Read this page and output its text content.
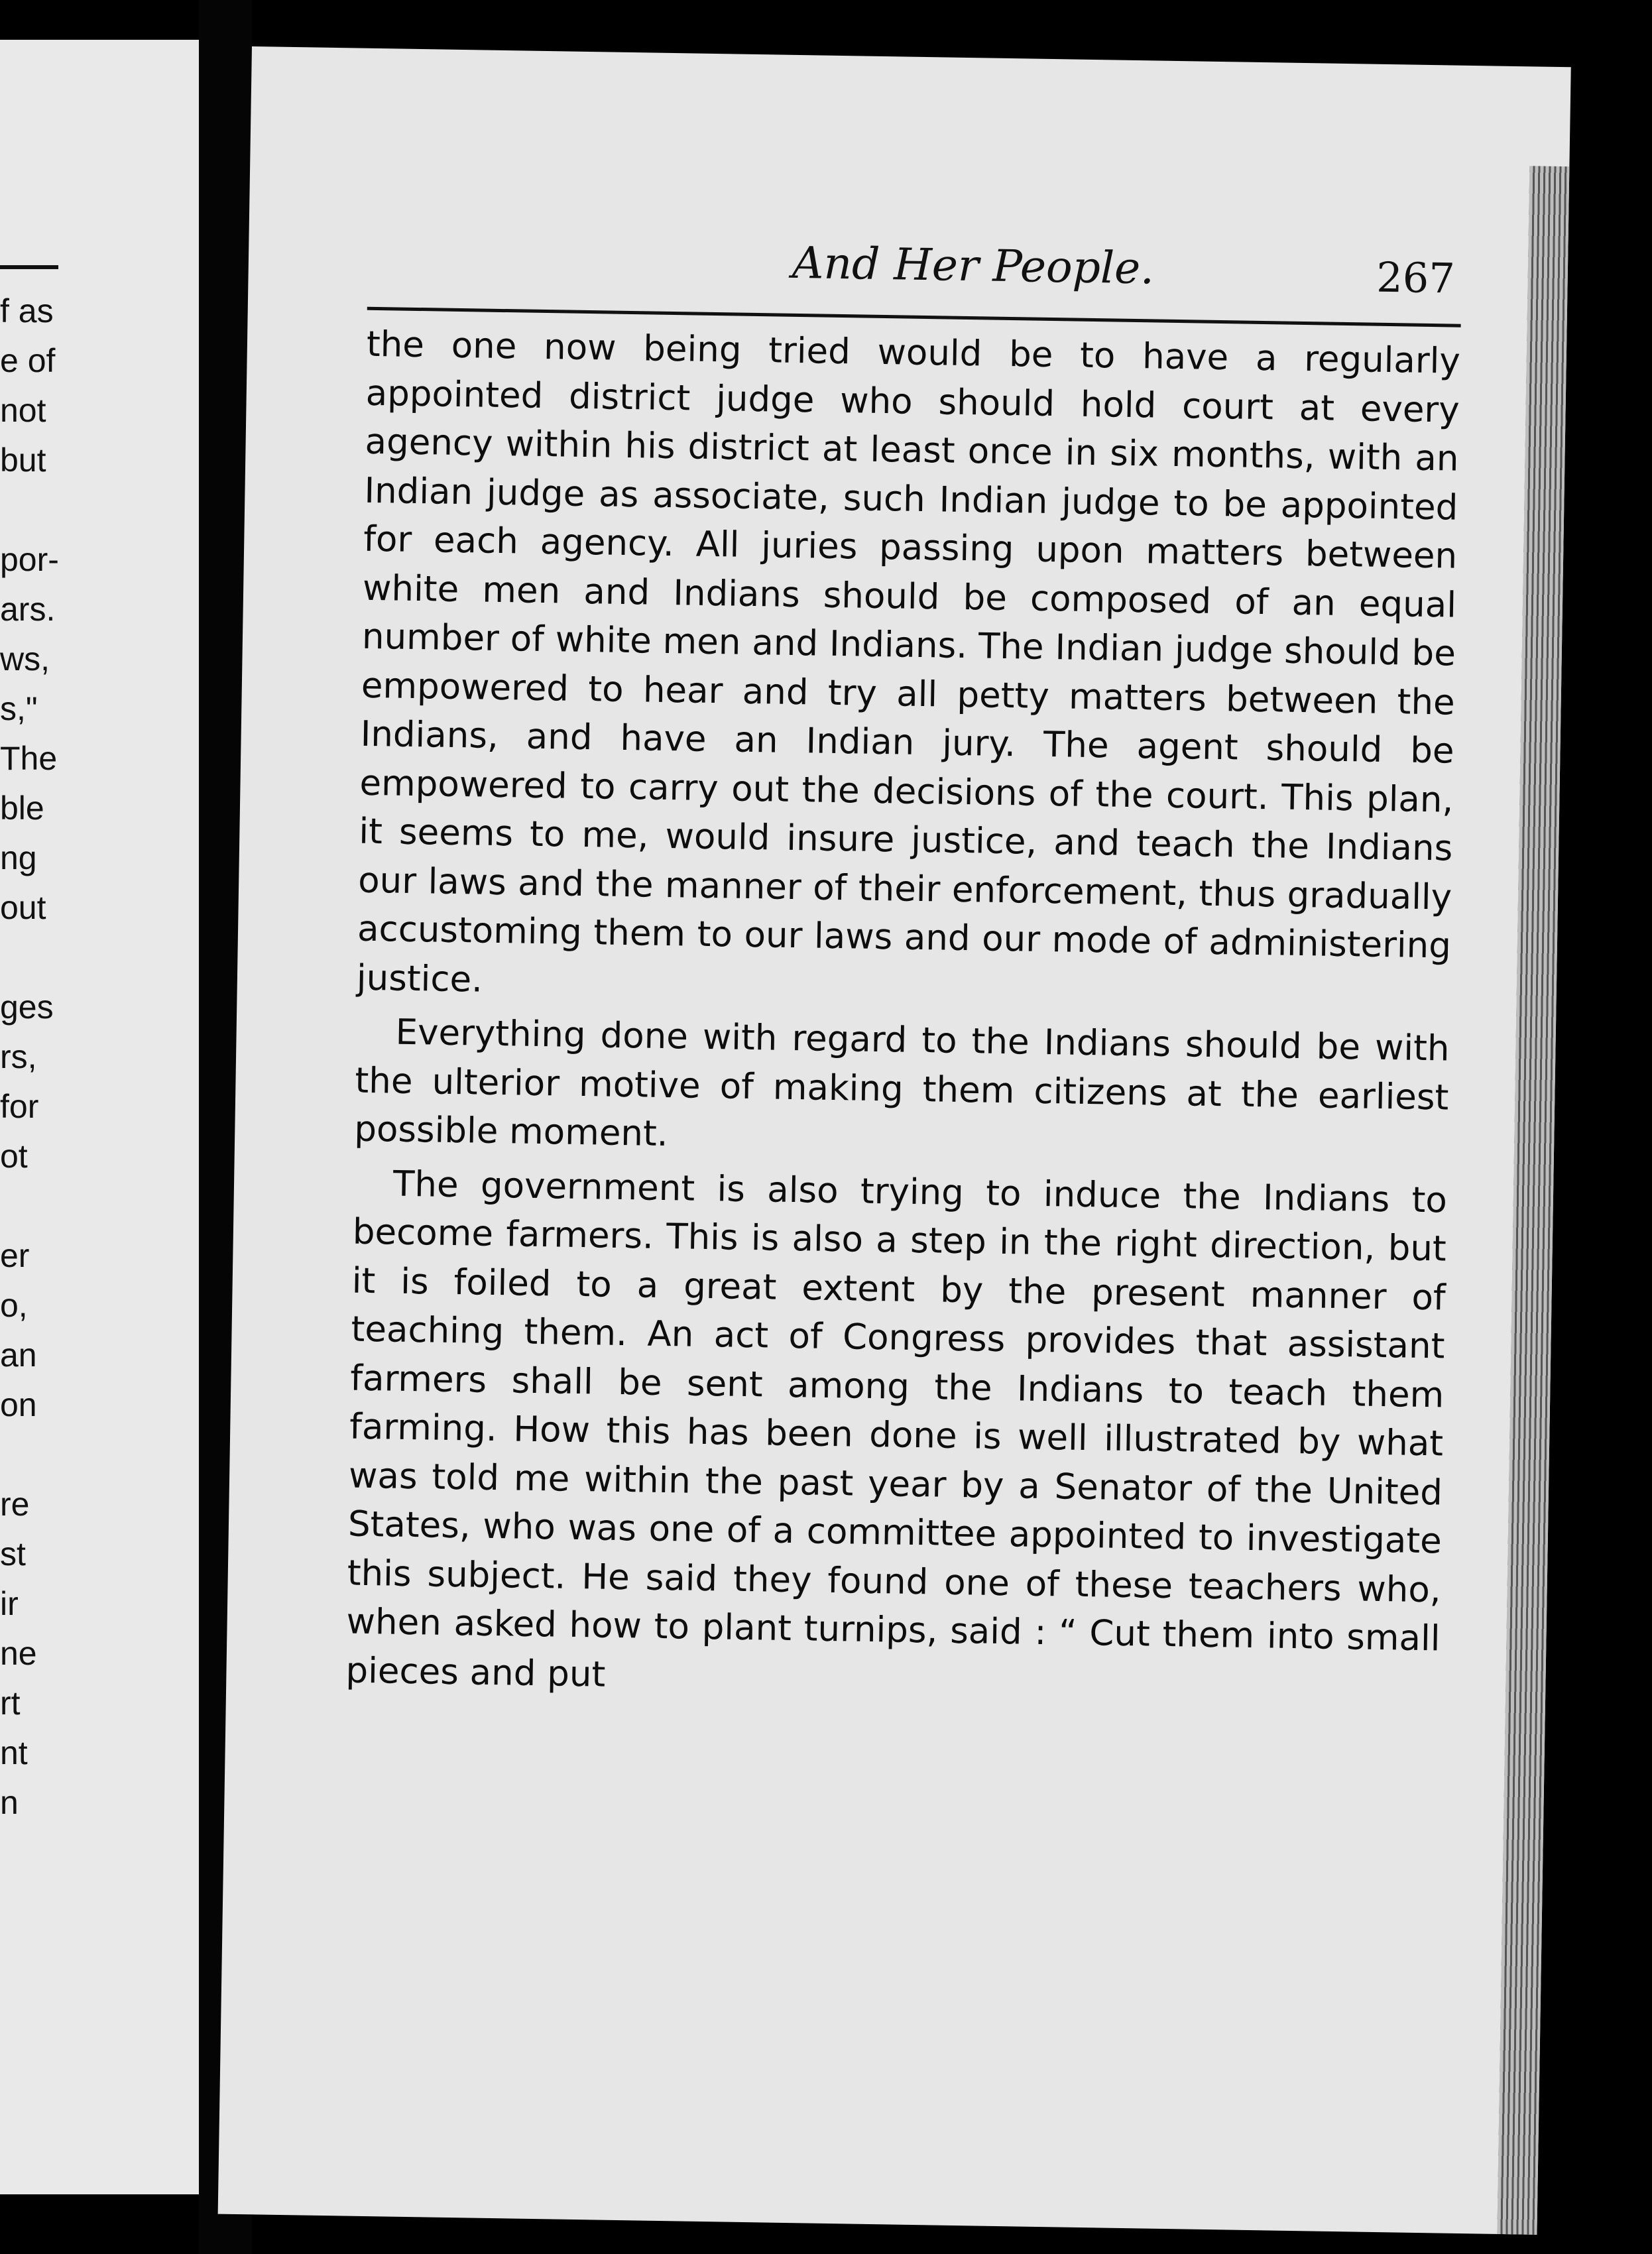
f as
e of
not
but
por-
ars.
ws,
s,"
The
ble
ng
out
ges
rs,
for
ot
er
o,
an
on
re
st
ir
ne
rt
nt
n
And Her People.	267

the one now being tried would be to have a regularly appointed district judge who should hold court at every agency within his district at least once in six months, with an Indian judge as associate, such Indian judge to be appointed for each agency. All juries passing upon matters between white men and Indians should be composed of an equal number of white men and Indians. The Indian judge should be empowered to hear and try all petty matters between the Indians, and have an Indian jury. The agent should be empowered to carry out the decisions of the court. This plan, it seems to me, would insure justice, and teach the Indians our laws and the manner of their enforcement, thus gradually accustoming them to our laws and our mode of administering justice.

Everything done with regard to the Indians should be with the ulterior motive of making them citizens at the earliest possible moment.

The government is also trying to induce the Indians to become farmers. This is also a step in the right direction, but it is foiled to a great extent by the present manner of teaching them. An act of Congress provides that assistant farmers shall be sent among the Indians to teach them farming. How this has been done is well illustrated by what was told me within the past year by a Senator of the United States, who was one of a committee appointed to investigate this subject. He said they found one of these teachers who, when asked how to plant turnips, said : “ Cut them into small pieces and put
